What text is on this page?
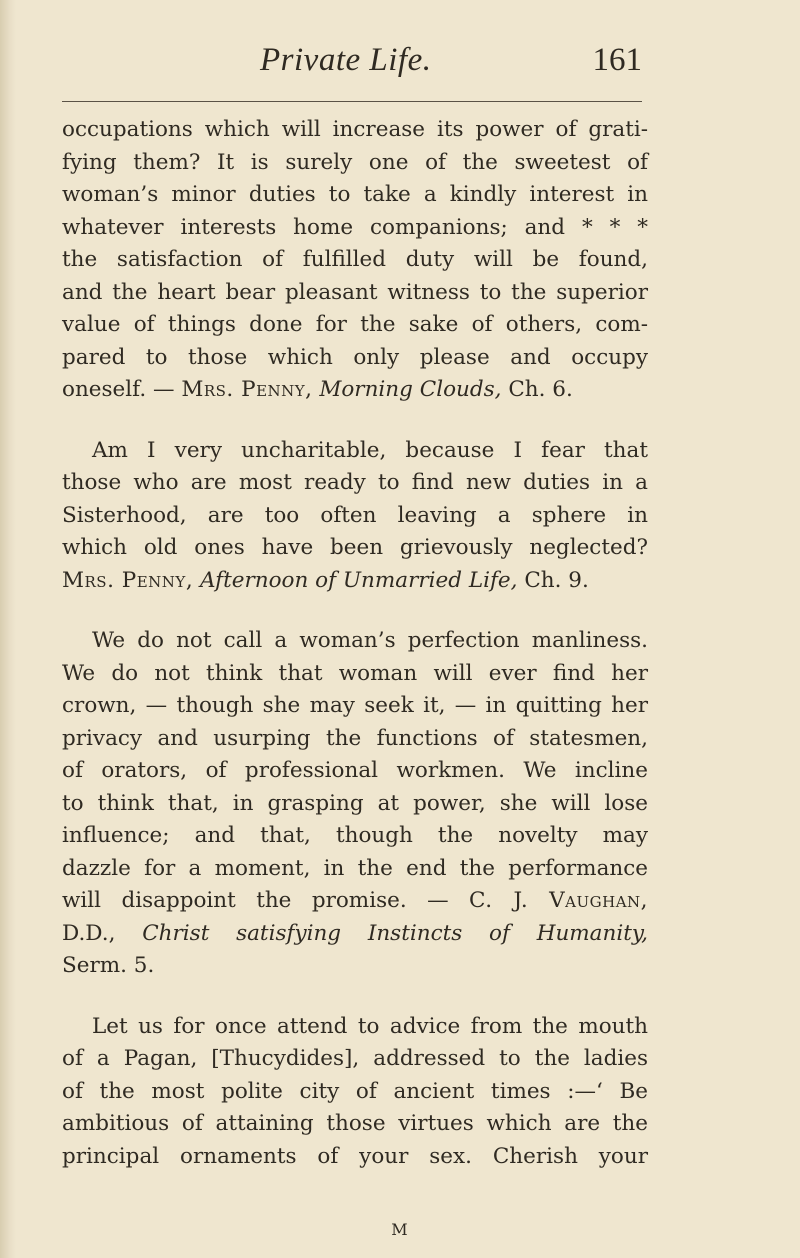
Private Life.	161
occupations which will increase its power of grati-
fying them? It is surely one of the sweetest of
woman’s minor duties to take a kindly interest in
whatever interests home companions; and * * *
the satisfaction of fulfilled duty will be found,
and the heart bear pleasant witness to the superior
value of things done for the sake of others, com-
pared to those which only please and occupy
oneself. — Mrs. Penny, Morning Clouds, Ch. 6.
Am I very uncharitable, because I fear that
those who are most ready to find new duties in a
Sisterhood, are too often leaving a sphere in
which old ones have been grievously neglected?
Mrs. Penny, Afternoon of Unmarried Life, Ch. 9.
We do not call a woman’s perfection manliness.
We do not think that woman will ever find her
crown, — though she may seek it, — in quitting her
privacy and usurping the functions of statesmen,
of orators, of professional workmen. We incline
to think that, in grasping at power, she will lose
influence; and that, though the novelty may
dazzle for a moment, in the end the performance
will disappoint the promise. — C. J. Vaughan,
D.D., Christ satisfying Instincts of Humanity,
Serm. 5.
Let us for once attend to advice from the mouth
of a Pagan, [Thucydides], addressed to the ladies
of the most polite city of ancient times :—‘ Be
ambitious of attaining those virtues which are the
principal ornaments of your sex. Cherish your
M
